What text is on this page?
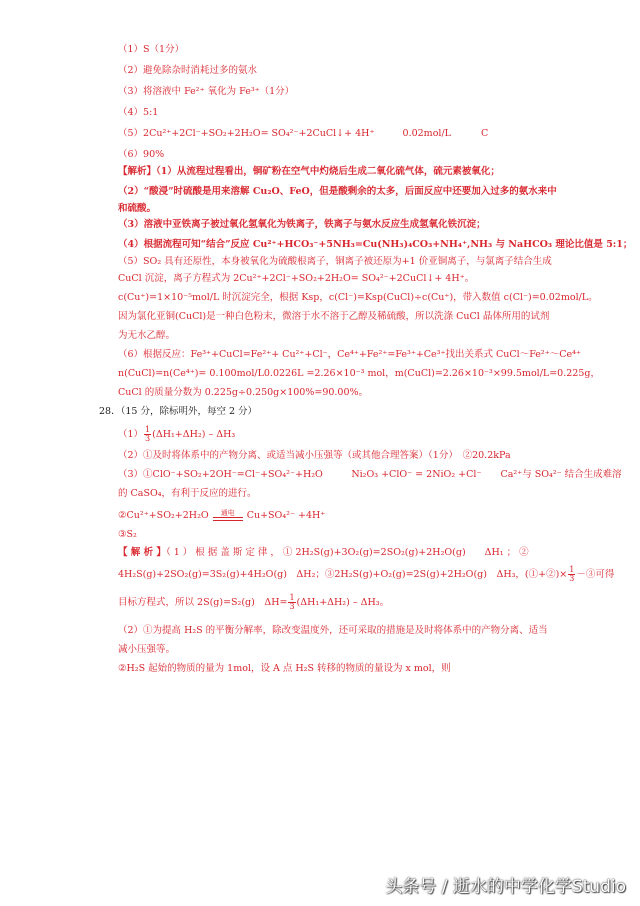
（1）S（1分）
（2）避免除杂时消耗过多的氨水
（3）将溶液中 Fe²⁺ 氧化为 Fe³⁺（1分）
（4）5:1
（5）2Cu²⁺+2Cl⁻+SO₂+2H₂O= SO₄²⁻+2CuCl↓+ 4H⁺	0.02mol/L	C
（6）90%
【解析】（1）从流程过程看出，铜矿粉在空气中灼烧后生成二氧化硫气体，硫元素被氧化；
（2）“酸浸”时硫酸是用来溶解 Cu₂O、FeO，但是酸剩余的太多，后面反应中还要加入过多的氨水来中
和硫酸。
（3）溶液中亚铁离子被过氧化氢氧化为铁离子，铁离子与氨水反应生成氢氧化铁沉淀；
（4）根据流程可知“结合”反应 Cu²⁺+HCO₃⁻+5NH₃=Cu(NH₃)₄CO₃+NH₄⁺,NH₃ 与 NaHCO₃ 理论比值是 5:1；
（5）SO₂ 具有还原性，本身被氧化为硫酸根离子，铜离子被还原为+1 价亚铜离子，与氯离子结合生成
CuCl 沉淀，离子方程式为 2Cu²⁺+2Cl⁻+SO₂+2H₂O= SO₄²⁻+2CuCl↓+ 4H⁺。
c(Cu⁺)=1×10⁻⁵mol/L 时沉淀完全，根据 Ksp，c(Cl⁻)=Ksp(CuCl)÷c(Cu⁺)，带入数值 c(Cl⁻)=0.02mol/L。
因为氯化亚铜(CuCl)是一种白色粉末，微溶于水不溶于乙醇及稀硫酸，所以洗涤 CuCl 晶体所用的试剂
为无水乙醇。
（6）根据反应：Fe³⁺+CuCl=Fe²⁺+ Cu²⁺+Cl⁻，Ce⁴⁺+Fe²⁺=Fe³⁺+Ce³⁺找出关系式 CuCl～Fe²⁺～Ce⁴⁺
n(CuCl)=n(Ce⁴⁺)= 0.100mol/L0.0226L =2.26×10⁻³ mol，m(CuCl)=2.26×10⁻³×99.5mol/L=0.225g，
CuCl 的质量分数为 0.225g÷0.250g×100%=90.00%。
28．（15 分，除标明外，每空 2 分）
$(1) \frac{1}{3} (\Delta H_1+\Delta H_2) - \Delta H_3$
（2）①及时将体系中的产物分离、或适当减小压强等（或其他合理答案）（1分）　②20.2kPa
（3）①ClO⁻+SO₂+2OH⁻=Cl⁻+SO₄²⁻+H₂O　　　Ni₂O₃ +ClO⁻ = 2NiO₂ +Cl⁻　　Ca²⁺与 SO₄²⁻ 结合生成难溶
的 CaSO₄，有利于反应的进行。
②Cu²⁺+SO₂+2H₂O	通电	Cu+SO₄²⁻ +4H⁺
③S₂
【 解 析 】（ 1 ） 根 据 盖 斯 定 律 ， ① 2H₂S(g)+3O₂(g)=2SO₂(g)+2H₂O(g)　　ΔH₁ ； ②
4H₂S(g)+2SO₂(g)=3S₂(g)+4H₂O(g)　ΔH₂；③2H₂S(g)+O₂(g)=2S(g)+2H₂O(g)　ΔH₃，(①+②)× $\frac{1}{3}$ －③可得
目标方程式，所以 2S(g)=S₂(g)　$\Delta H= \frac{1}{3} (\Delta H_1+\Delta H_2) - \Delta H_3$。
（2）①为提高 H₂S 的平衡分解率，除改变温度外，还可采取的措施是及时将体系中的产物分离、适当
减小压强等。
②H₂S 起始的物质的量为 1mol，设 A 点 H₂S 转移的物质的量设为 x mol，则
头条号 / 逝水的中学化学Studio
